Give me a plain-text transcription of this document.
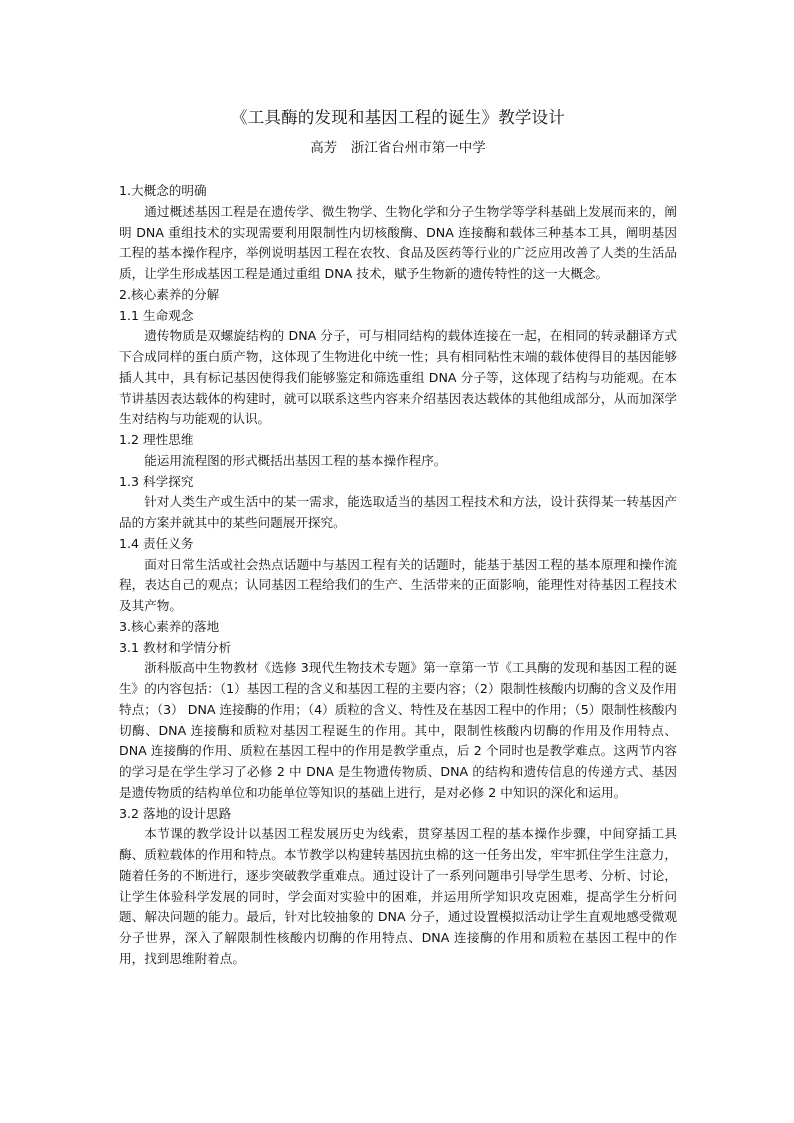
《工具酶的发现和基因工程的诞生》教学设计
高芳　浙江省台州市第一中学
1.大概念的明确
通过概述基因工程是在遗传学、微生物学、生物化学和分子生物学等学科基础上发展而来的，阐明 DNA 重组技术的实现需要利用限制性内切核酸酶、DNA 连接酶和载体三种基本工具，阐明基因工程的基本操作程序，举例说明基因工程在农牧、食品及医药等行业的广泛应用改善了人类的生活品质，让学生形成基因工程是通过重组 DNA 技术，赋予生物新的遗传特性的这一大概念。
2.核心素养的分解
1.1 生命观念
遗传物质是双螺旋结构的 DNA 分子，可与相同结构的载体连接在一起，在相同的转录翻译方式下合成同样的蛋白质产物，这体现了生物进化中统一性；具有相同粘性末端的载体使得目的基因能够插人其中，具有标记基因使得我们能够鉴定和筛选重组 DNA 分子等，这体现了结构与功能观。在本节讲基因表达载体的构建时，就可以联系这些内容来介绍基因表达载体的其他组成部分，从而加深学生对结构与功能观的认识。
1.2 理性思维
能运用流程图的形式概括出基因工程的基本操作程序。
1.3 科学探究
针对人类生产或生活中的某一需求，能选取适当的基因工程技术和方法，设计获得某一转基因产品的方案并就其中的某些问题展开探究。
1.4 责任义务
面对日常生活或社会热点话题中与基因工程有关的话题时，能基于基因工程的基本原理和操作流程，表达自己的观点；认同基因工程给我们的生产、生活带来的正面影响，能理性对待基因工程技术及其产物。
3.核心素养的落地
3.1 教材和学情分析
浙科版高中生物教材《选修 3现代生物技术专题》第一章第一节《工具酶的发现和基因工程的诞生》的内容包括：（1）基因工程的含义和基因工程的主要内容；（2）限制性核酸内切酶的含义及作用特点；（3） DNA 连接酶的作用；（4）质粒的含义、特性及在基因工程中的作用；（5）限制性核酸内切酶、DNA 连接酶和质粒对基因工程诞生的作用。其中，限制性核酸内切酶的作用及作用特点、DNA 连接酶的作用、质粒在基因工程中的作用是教学重点，后 2 个同时也是教学难点。这两节内容的学习是在学生学习了必修 2 中 DNA 是生物遗传物质、DNA 的结构和遗传信息的传递方式、基因是遗传物质的结构单位和功能单位等知识的基础上进行，是对必修 2 中知识的深化和运用。
3.2 落地的设计思路
本节课的教学设计以基因工程发展历史为线索，贯穿基因工程的基本操作步骤，中间穿插工具酶、质粒载体的作用和特点。本节教学以构建转基因抗虫棉的这一任务出发，牢牢抓住学生注意力，随着任务的不断进行，逐步突破教学重难点。通过设计了一系列问题串引导学生思考、分析、讨论，让学生体验科学发展的同时，学会面对实验中的困难，并运用所学知识攻克困难，提高学生分析问题、解决问题的能力。最后，针对比较抽象的 DNA 分子，通过设置模拟活动让学生直观地感受微观分子世界，深入了解限制性核酸内切酶的作用特点、DNA 连接酶的作用和质粒在基因工程中的作用，找到思维附着点。
